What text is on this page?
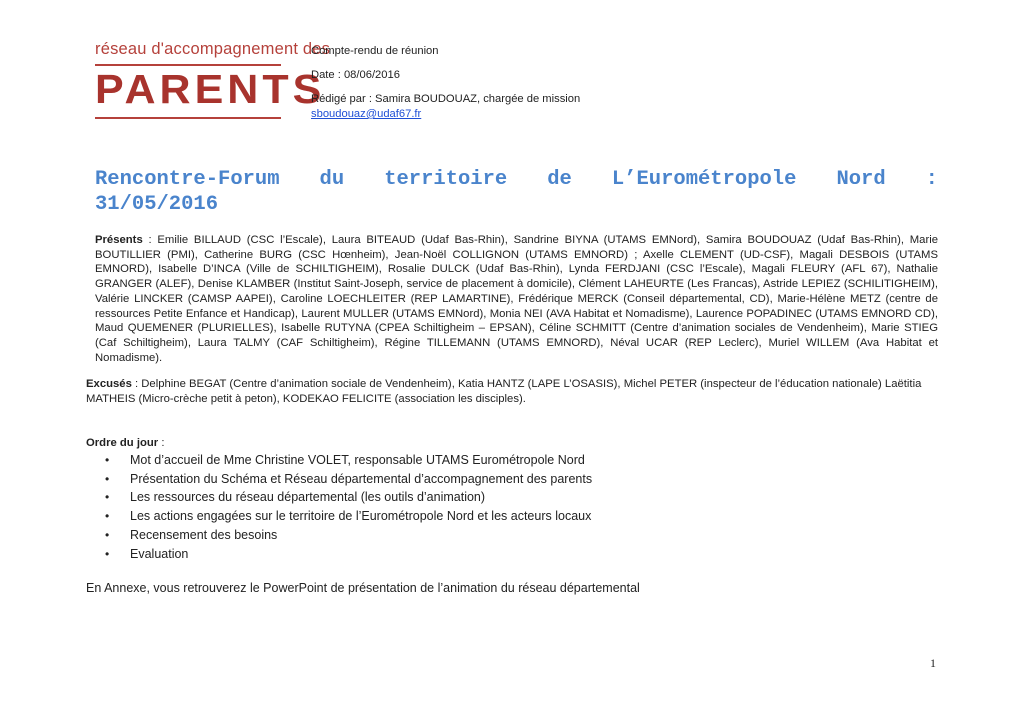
réseau d'accompagnement des
PARENTS
Compte-rendu de réunion
Date : 08/06/2016
Rédigé par : Samira BOUDOUAZ, chargée de mission
sboudouaz@udaf67.fr
Rencontre-Forum du territoire de L’Eurométropole Nord :
31/05/2016
Présents : Emilie BILLAUD (CSC l’Escale), Laura BITEAUD (Udaf Bas-Rhin), Sandrine BIYNA (UTAMS EMNord), Samira BOUDOUAZ (Udaf Bas-Rhin), Marie BOUTILLIER (PMI), Catherine BURG (CSC Hœnheim), Jean-Noël COLLIGNON (UTAMS EMNORD) ; Axelle CLEMENT (UD-CSF), Magali DESBOIS (UTAMS EMNORD), Isabelle D’INCA (Ville de SCHILTIGHEIM), Rosalie DULCK (Udaf Bas-Rhin), Lynda FERDJANI (CSC l’Escale), Magali FLEURY (AFL 67), Nathalie GRANGER (ALEF), Denise KLAMBER (Institut Saint-Joseph, service de placement à domicile), Clément LAHEURTE (Les Francas), Astride LEPIEZ (SCHILITIGHEIM), Valérie LINCKER (CAMSP AAPEI), Caroline LOECHLEITER (REP LAMARTINE), Frédérique MERCK (Conseil départemental, CD), Marie-Hélène METZ (centre de ressources Petite Enfance et Handicap), Laurent MULLER (UTAMS EMNord), Monia NEI (AVA Habitat et Nomadisme), Laurence POPADINEC (UTAMS EMNORD CD), Maud QUEMENER (PLURIELLES), Isabelle RUTYNA (CPEA Schiltigheim – EPSAN), Céline SCHMITT (Centre d’animation sociales de Vendenheim), Marie STIEG (Caf Schiltigheim), Laura TALMY (CAF Schiltigheim), Régine TILLEMANN (UTAMS EMNORD), Néval UCAR (REP Leclerc), Muriel WILLEM (Ava Habitat et Nomadisme).
Excusés : Delphine BEGAT (Centre d’animation sociale de Vendenheim), Katia HANTZ (LAPE L’OSASIS), Michel PETER (inspecteur de l’éducation nationale) Laëtitia MATHEIS (Micro-crèche petit à peton), KODEKAO FELICITE (association les disciples).
Ordre du jour :
• Mot d’accueil de Mme Christine VOLET, responsable UTAMS Eurométropole Nord
• Présentation du Schéma et Réseau départemental d’accompagnement des parents
• Les ressources du réseau départemental (les outils d’animation)
• Les actions engagées sur le territoire de l’Eurométropole Nord et les acteurs locaux
• Recensement des besoins
• Evaluation
En Annexe, vous retrouverez le PowerPoint de présentation de l’animation du réseau départemental
1
